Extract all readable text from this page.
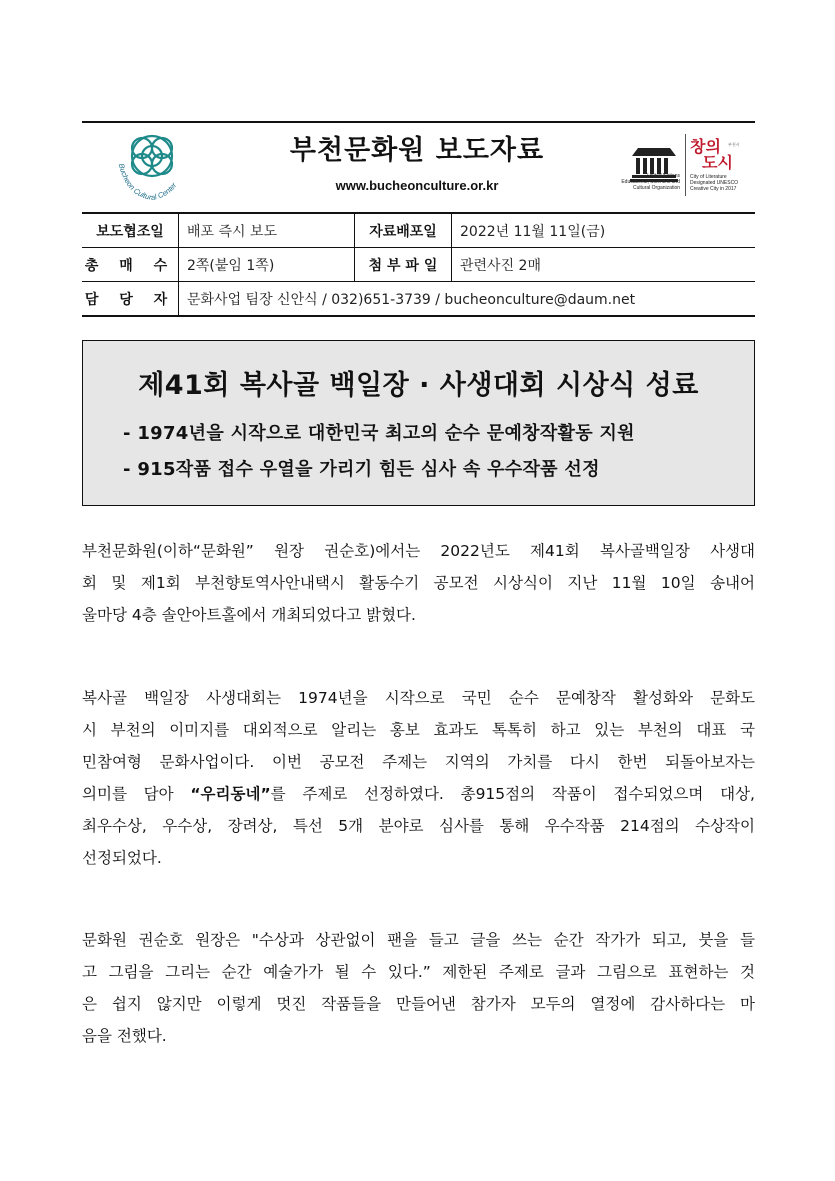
Bucheon Cultural Center
부천문화원 보도자료
www.bucheonculture.or.kr
United Nations
Educational, Scientific and
Cultural Organization
창의
도시
부천시
City of Literature
Designated UNESCO
Creative City in 2017
보도협조일	배포 즉시 보도	자료배포일	2022년 11월 11일(금)
총 매 수	2쪽(붙임 1쪽)	첨 부 파 일	관련사진 2매
담 당 자	문화사업 팀장 신안식 / 032)651-3739 / bucheonculture@daum.net		
제41회 복사골 백일장 · 사생대회 시상식 성료
- 1974년을 시작으로 대한민국 최고의 순수 문예창작활동 지원
- 915작품 접수 우열을 가리기 힘든 심사 속 우수작품 선정
부천문화원(이하“문화원” 원장 권순호)에서는 2022년도 제41회 복사골백일장 사생대
회 및 제1회 부천향토역사안내택시 활동수기 공모전 시상식이 지난 11월 10일 송내어
울마당 4층 솔안아트홀에서 개최되었다고 밝혔다.
복사골 백일장 사생대회는 1974년을 시작으로 국민 순수 문예창작 활성화와 문화도
시 부천의 이미지를 대외적으로 알리는 홍보 효과도 톡톡히 하고 있는 부천의 대표 국
민참여형 문화사업이다. 이번 공모전 주제는 지역의 가치를 다시 한번 되돌아보자는
의미를 담아 “우리동네”를 주제로 선정하였다. 총915점의 작품이 접수되었으며 대상,
최우수상, 우수상, 장려상, 특선 5개 분야로 심사를 통해 우수작품 214점의 수상작이
선정되었다.
문화원 권순호 원장은 "수상과 상관없이 팬을 들고 글을 쓰는 순간 작가가 되고, 붓을 들
고 그림을 그리는 순간 예술가가 될 수 있다.” 제한된 주제로 글과 그림으로 표현하는 것
은 쉽지 않지만 이렇게 멋진 작품들을 만들어낸 참가자 모두의 열정에 감사하다는 마
음을 전했다.
